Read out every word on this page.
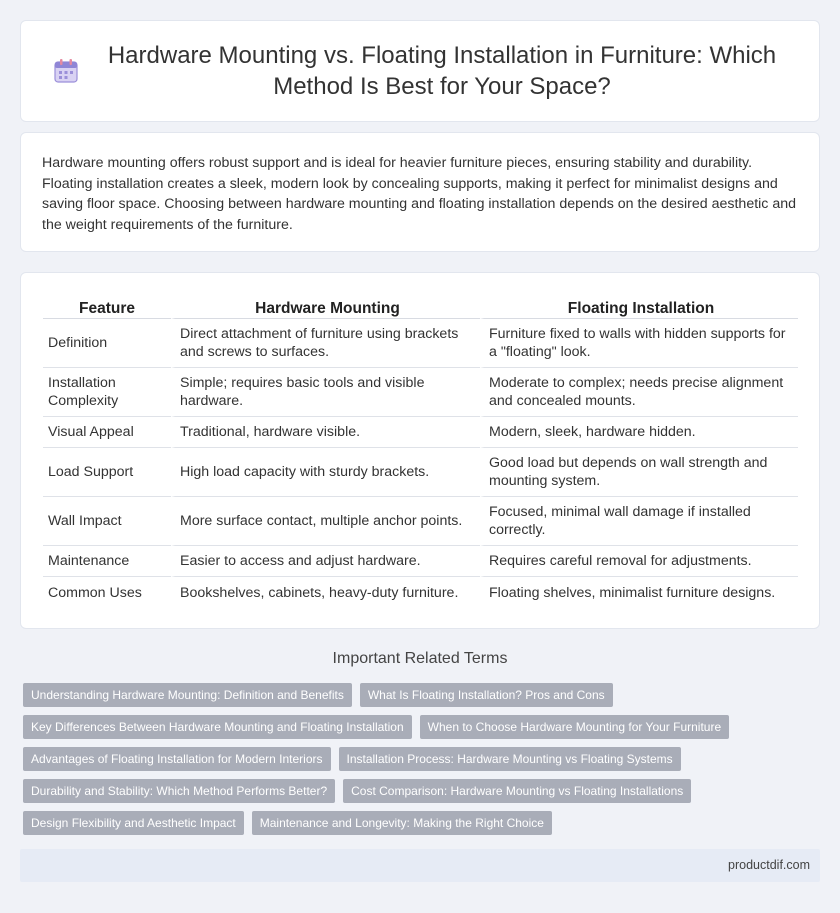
Hardware Mounting vs. Floating Installation in Furniture: Which Method Is Best for Your Space?

Hardware mounting offers robust support and is ideal for heavier furniture pieces, ensuring stability and durability. Floating installation creates a sleek, modern look by concealing supports, making it perfect for minimalist designs and saving floor space. Choosing between hardware mounting and floating installation depends on the desired aesthetic and the weight requirements of the furniture.

Feature	Hardware Mounting	Floating Installation
Definition	Direct attachment of furniture using brackets and screws to surfaces.	Furniture fixed to walls with hidden supports for a "floating" look.
Installation Complexity	Simple; requires basic tools and visible hardware.	Moderate to complex; needs precise alignment and concealed mounts.
Visual Appeal	Traditional, hardware visible.	Modern, sleek, hardware hidden.
Load Support	High load capacity with sturdy brackets.	Good load but depends on wall strength and mounting system.
Wall Impact	More surface contact, multiple anchor points.	Focused, minimal wall damage if installed correctly.
Maintenance	Easier to access and adjust hardware.	Requires careful removal for adjustments.
Common Uses	Bookshelves, cabinets, heavy-duty furniture.	Floating shelves, minimalist furniture designs.
Important Related Terms
Understanding Hardware Mounting: Definition and Benefits	What Is Floating Installation? Pros and Cons
Key Differences Between Hardware Mounting and Floating Installation	When to Choose Hardware Mounting for Your Furniture
Advantages of Floating Installation for Modern Interiors	Installation Process: Hardware Mounting vs Floating Systems
Durability and Stability: Which Method Performs Better?	Cost Comparison: Hardware Mounting vs Floating Installations
Design Flexibility and Aesthetic Impact	Maintenance and Longevity: Making the Right Choice
productdif.com
